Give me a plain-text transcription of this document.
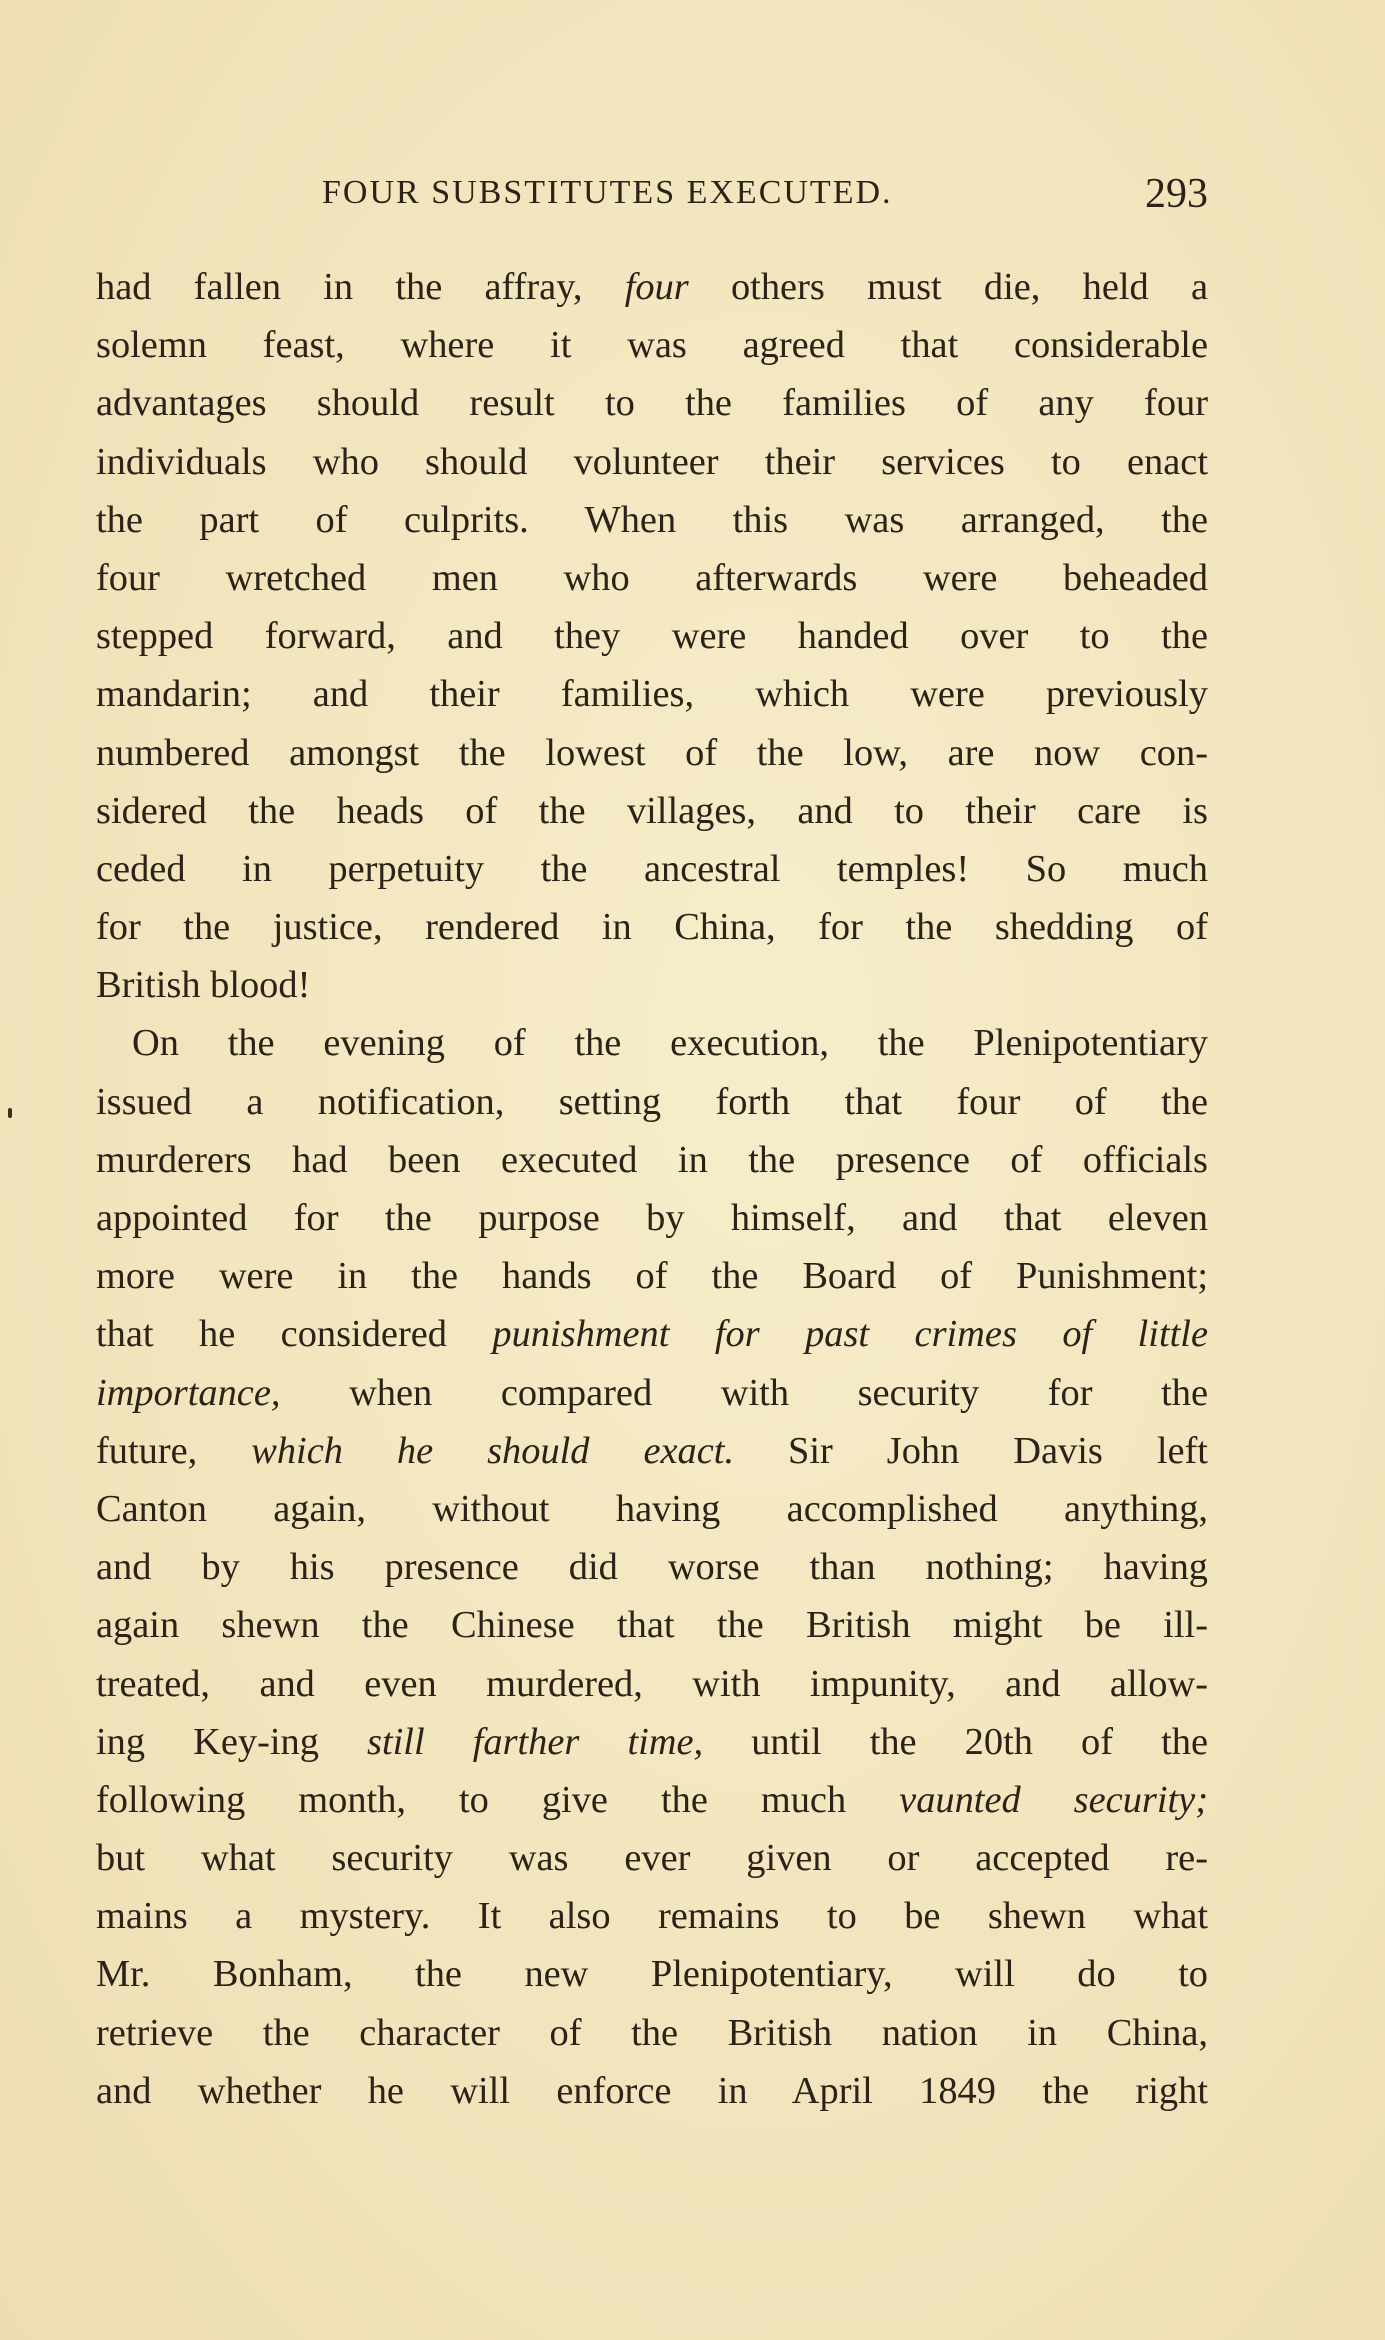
FOUR SUBSTITUTES EXECUTED.	293
had fallen in the affray, four others must die, held a
solemn feast, where it was agreed that considerable
advantages should result to the families of any four
individuals who should volunteer their services to enact
the part of culprits. When this was arranged, the
four wretched men who afterwards were beheaded
stepped forward, and they were handed over to the
mandarin; and their families, which were previously
numbered amongst the lowest of the low, are now con-
sidered the heads of the villages, and to their care is
ceded in perpetuity the ancestral temples! So much
for the justice, rendered in China, for the shedding of
British blood!
On the evening of the execution, the Plenipotentiary
issued a notification, setting forth that four of the
murderers had been executed in the presence of officials
appointed for the purpose by himself, and that eleven
more were in the hands of the Board of Punishment;
that he considered punishment for past crimes of little
importance, when compared with security for the
future, which he should exact. Sir John Davis left
Canton again, without having accomplished anything,
and by his presence did worse than nothing; having
again shewn the Chinese that the British might be ill-
treated, and even murdered, with impunity, and allow-
ing Key-ing still farther time, until the 20th of the
following month, to give the much vaunted security;
but what security was ever given or accepted re-
mains a mystery. It also remains to be shewn what
Mr. Bonham, the new Plenipotentiary, will do to
retrieve the character of the British nation in China,
and whether he will enforce in April 1849 the right
